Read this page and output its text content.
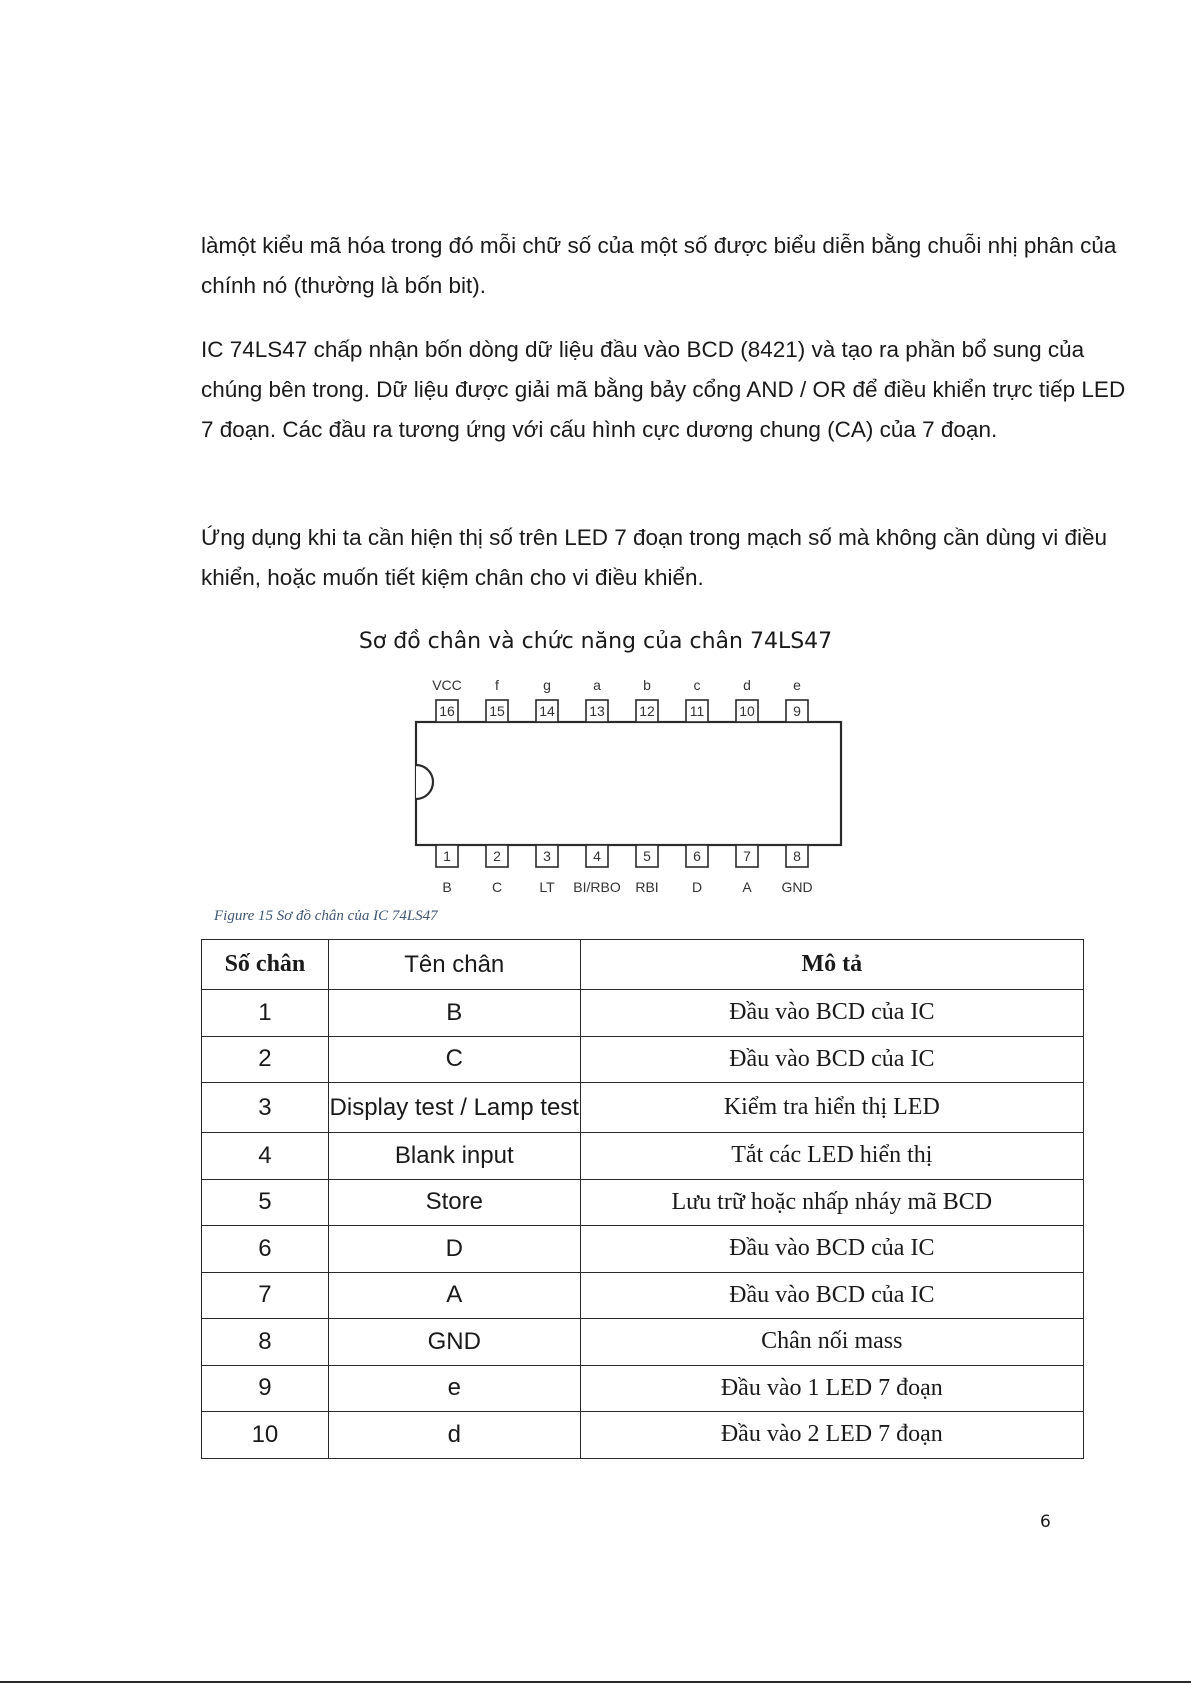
làmột kiểu mã hóa trong đó mỗi chữ số của một số được biểu diễn bằng chuỗi nhị phân của chính nó (thường là bốn bit).

IC 74LS47 chấp nhận bốn dòng dữ liệu đầu vào BCD (8421) và tạo ra phần bổ sung của chúng bên trong. Dữ liệu được giải mã bằng bảy cổng AND / OR để điều khiển trực tiếp LED 7 đoạn. Các đầu ra tương ứng với cấu hình cực dương chung (CA) của 7 đoạn.

Ứng dụng khi ta cần hiện thị số trên LED 7 đoạn trong mạch số mà không cần dùng vi điều khiển, hoặc muốn tiết kiệm chân cho vi điều khiển.

Sơ đồ chân và chức năng của chân 74LS47
16
VCC
15
f
14
g
13
a
12
b
11
c
10
d
9
e
1
B
2
C
3
LT
4
BI/RBO
5
RBI
6
D
7
A
8
GND
Figure 15 Sơ đồ chân của IC 74LS47
Số chân	Tên chân	Mô tả
1	B	Đầu vào BCD của IC
2	C	Đầu vào BCD của IC
3	Display test / Lamp test	Kiểm tra hiển thị LED
4	Blank input	Tắt các LED hiển thị
5	Store	Lưu trữ hoặc nhấp nháy mã BCD
6	D	Đầu vào BCD của IC
7	A	Đầu vào BCD của IC
8	GND	Chân nối mass
9	e	Đầu vào 1 LED 7 đoạn
10	d	Đầu vào 2 LED 7 đoạn
6
